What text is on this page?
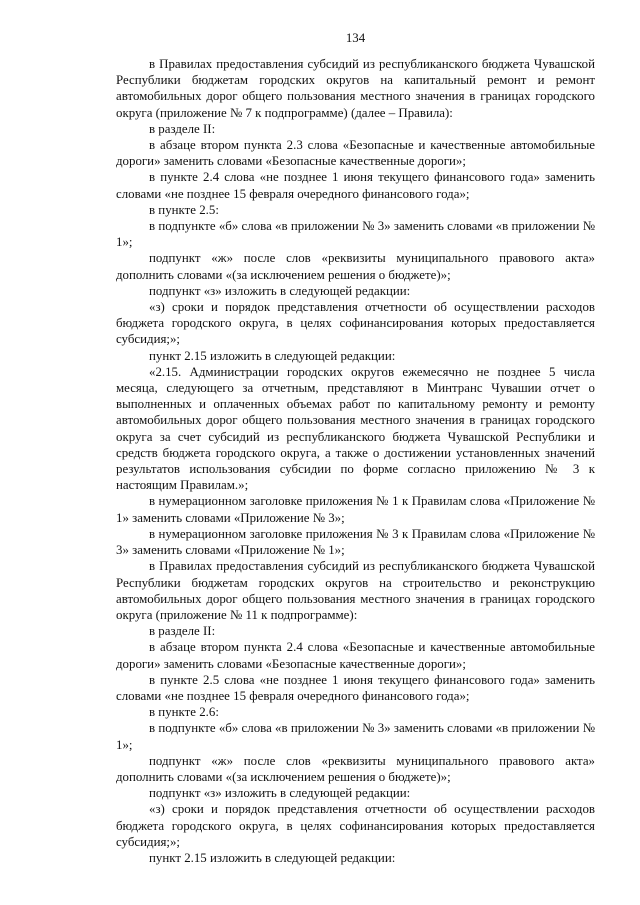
134

в Правилах предоставления субсидий из республиканского бюджета Чувашской Республики бюджетам городских округов на капитальный ремонт и ремонт автомобильных дорог общего пользования местного значения в границах городского округа (приложение № 7 к подпрограмме) (далее – Правила):

в разделе II:

в абзаце втором пункта 2.3 слова «Безопасные и качественные автомобильные дороги» заменить словами «Безопасные качественные дороги»;

в пункте 2.4 слова «не позднее 1 июня текущего финансового года» заменить словами «не позднее 15 февраля очередного финансового года»;

в пункте 2.5:

в подпункте «б» слова «в приложении № 3» заменить словами «в приложении № 1»;

подпункт «ж» после слов «реквизиты муниципального правового акта» дополнить словами «(за исключением решения о бюджете)»;

подпункт «з» изложить в следующей редакции:

«з) сроки и порядок представления отчетности об осуществлении расходов бюджета городского округа, в целях софинансирования которых предоставляется субсидия;»;

пункт 2.15 изложить в следующей редакции:

«2.15. Администрации городских округов ежемесячно не позднее 5 числа месяца, следующего за отчетным, представляют в Минтранс Чувашии отчет о выполненных и оплаченных объемах работ по капитальному ремонту и ремонту автомобильных дорог общего пользования местного значения в границах городского округа за счет субсидий из республиканского бюджета Чувашской Республики и средств бюджета городского округа, а также о достижении установленных значений результатов использования субсидии по форме согласно приложению № 3 к настоящим Правилам.»;

в нумерационном заголовке приложения № 1 к Правилам слова «Приложение № 1» заменить словами «Приложение № 3»;

в нумерационном заголовке приложения № 3 к Правилам слова «Приложение № 3» заменить словами «Приложение № 1»;

в Правилах предоставления субсидий из республиканского бюджета Чувашской Республики бюджетам городских округов на строительство и реконструкцию автомобильных дорог общего пользования местного значения в границах городского округа (приложение № 11 к подпрограмме):

в разделе II:

в абзаце втором пункта 2.4 слова «Безопасные и качественные автомобильные дороги» заменить словами «Безопасные качественные дороги»;

в пункте 2.5 слова «не позднее 1 июня текущего финансового года» заменить словами «не позднее 15 февраля очередного финансового года»;

в пункте 2.6:

в подпункте «б» слова «в приложении № 3» заменить словами «в приложении № 1»;

подпункт «ж» после слов «реквизиты муниципального правового акта» дополнить словами «(за исключением решения о бюджете)»;

подпункт «з» изложить в следующей редакции:

«з) сроки и порядок представления отчетности об осуществлении расходов бюджета городского округа, в целях софинансирования которых предоставляется субсидия;»;

пункт 2.15 изложить в следующей редакции:
